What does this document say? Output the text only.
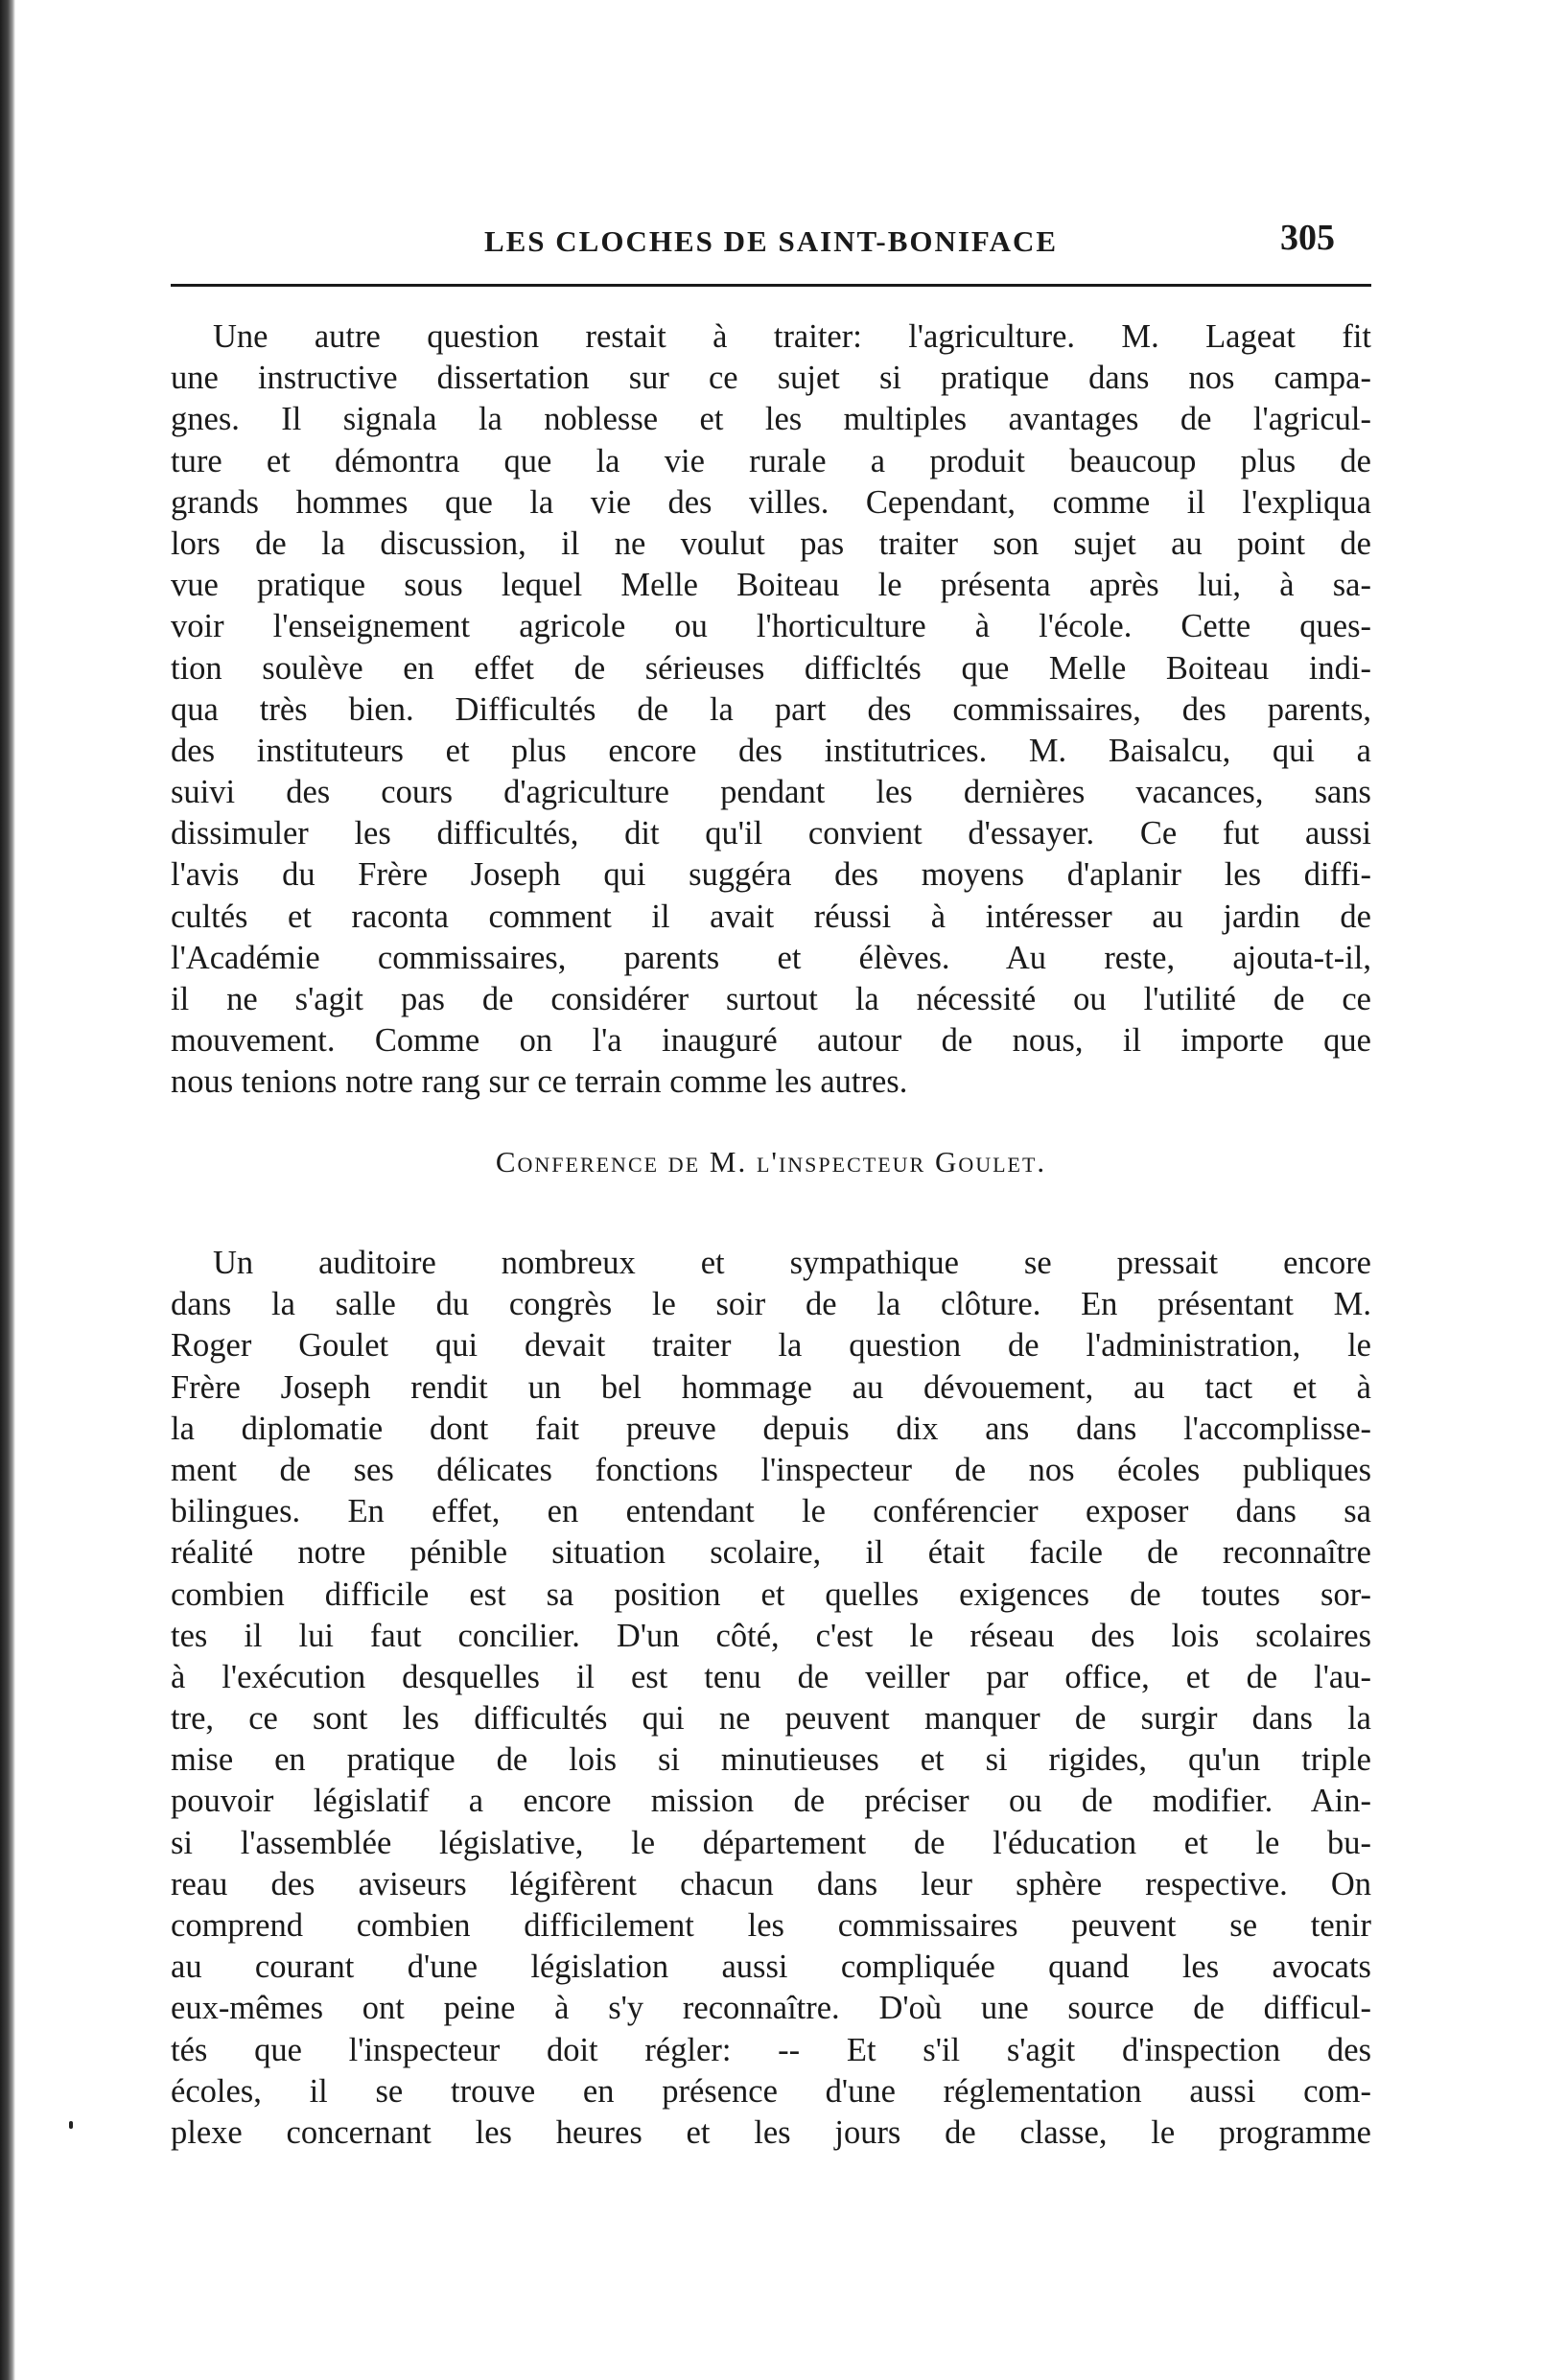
LES CLOCHES DE SAINT-BONIFACE	305
Une autre question restait à traiter: l'agriculture. M. Lageat fit
une instructive dissertation sur ce sujet si pratique dans nos campa-
gnes. Il signala la noblesse et les multiples avantages de l'agricul-
ture et démontra que la vie rurale a produit beaucoup plus de
grands hommes que la vie des villes. Cependant, comme il l'expliqua
lors de la discussion, il ne voulut pas traiter son sujet au point de
vue pratique sous lequel Melle Boiteau le présenta après lui, à sa-
voir l'enseignement agricole ou l'horticulture à l'école. Cette ques-
tion soulève en effet de sérieuses difficltés que Melle Boiteau indi-
qua très bien. Difficultés de la part des commissaires, des parents,
des instituteurs et plus encore des institutrices. M. Baisalcu, qui a
suivi des cours d'agriculture pendant les dernières vacances, sans
dissimuler les difficultés, dit qu'il convient d'essayer. Ce fut aussi
l'avis du Frère Joseph qui suggéra des moyens d'aplanir les diffi-
cultés et raconta comment il avait réussi à intéresser au jardin de
l'Académie commissaires, parents et élèves. Au reste, ajouta-t-il,
il ne s'agit pas de considérer surtout la nécessité ou l'utilité de ce
mouvement. Comme on l'a inauguré autour de nous, il importe que
nous tenions notre rang sur ce terrain comme les autres.
Conference de M. l'inspecteur Goulet.
Un auditoire nombreux et sympathique se pressait encore
dans la salle du congrès le soir de la clôture. En présentant M.
Roger Goulet qui devait traiter la question de l'administration, le
Frère Joseph rendit un bel hommage au dévouement, au tact et à
la diplomatie dont fait preuve depuis dix ans dans l'accomplisse-
ment de ses délicates fonctions l'inspecteur de nos écoles publiques
bilingues. En effet, en entendant le conférencier exposer dans sa
réalité notre pénible situation scolaire, il était facile de reconnaître
combien difficile est sa position et quelles exigences de toutes sor-
tes il lui faut concilier. D'un côté, c'est le réseau des lois scolaires
à l'exécution desquelles il est tenu de veiller par office, et de l'au-
tre, ce sont les difficultés qui ne peuvent manquer de surgir dans la
mise en pratique de lois si minutieuses et si rigides, qu'un triple
pouvoir législatif a encore mission de préciser ou de modifier. Ain-
si l'assemblée législative, le département de l'éducation et le bu-
reau des aviseurs légifèrent chacun dans leur sphère respective. On
comprend combien difficilement les commissaires peuvent se tenir
au courant d'une législation aussi compliquée quand les avocats
eux-mêmes ont peine à s'y reconnaître. D'où une source de difficul-
tés que l'inspecteur doit régler: -- Et s'il s'agit d'inspection des
écoles, il se trouve en présence d'une réglementation aussi com-
plexe concernant les heures et les jours de classe, le programme
